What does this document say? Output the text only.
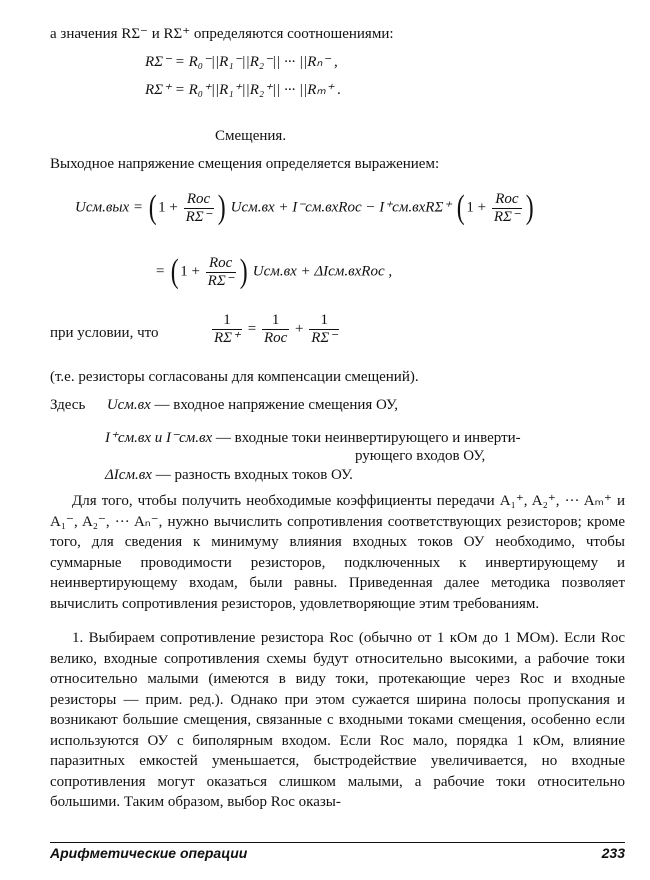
а значения RΣ⁻ и RΣ⁺ определяются соотношениями:
RΣ⁻ = R₀⁻||R₁⁻||R₂⁻|| ··· ||Rₙ⁻ ,
RΣ⁺ = R₀⁺||R₁⁺||R₂⁺|| ··· ||Rₘ⁺ .
Смещения.
Выходное напряжение смещения определяется выражением:
Uсм.вых = ( $1 + \frac{\text{Roc}}{R\Sigma^-}$ ) Uсм.вх + I⁻см.вхRoc − I⁺см.вхRΣ⁺ ( $1 + \frac{\text{Roc}}{R\Sigma^-}$ )
= ( $1 + \frac{\text{Roc}}{R\Sigma^-}$ ) Uсм.вх + ΔIсм.вхRoc ,
при условии, что	$\frac{1}{R\Sigma^+} = \frac{1}{\text{Roc}} + \frac{1}{R\Sigma^-}$
(т.е. резисторы согласованы для компенсации смещений).
Здесь Uсм.вх — входное напряжение смещения ОУ,
I⁺см.вх и I⁻см.вх — входные токи неинвертирующего и инверти-
рующего входов ОУ,
ΔIсм.вх — разность входных токов ОУ.

Для того, чтобы получить необходимые коэффициенты передачи A₁⁺, A₂⁺, ··· Aₘ⁺ и A₁⁻, A₂⁻, ··· Aₙ⁻, нужно вычислить сопротивления соответствующих резисторов; кроме того, для сведения к минимуму влияния входных токов ОУ необходимо, чтобы суммарные проводимости резисторов, подключенных к инвертирующему и неинвертирующему входам, были равны. Приведенная далее методика позволяет вычислить сопротивления резисторов, удовлетворяющие этим требованиям.

1. Выбираем сопротивление резистора Roc (обычно от 1 кОм до 1 МОм). Если Roc велико, входные сопротивления схемы будут относительно высокими, а рабочие токи относительно малыми (имеются в виду токи, протекающие через Roc и входные резисторы — прим. ред.). Однако при этом сужается ширина полосы пропускания и возникают большие смещения, связанные с входными токами смещения, особенно если используются ОУ с биполярным входом. Если Roc мало, порядка 1 кОм, влияние паразитных емкостей уменьшается, быстродействие увеличивается, но входные сопротивления могут оказаться слишком малыми, а рабочие токи относительно большими. Таким образом, выбор Roc оказы-

Арифметические операции	233
